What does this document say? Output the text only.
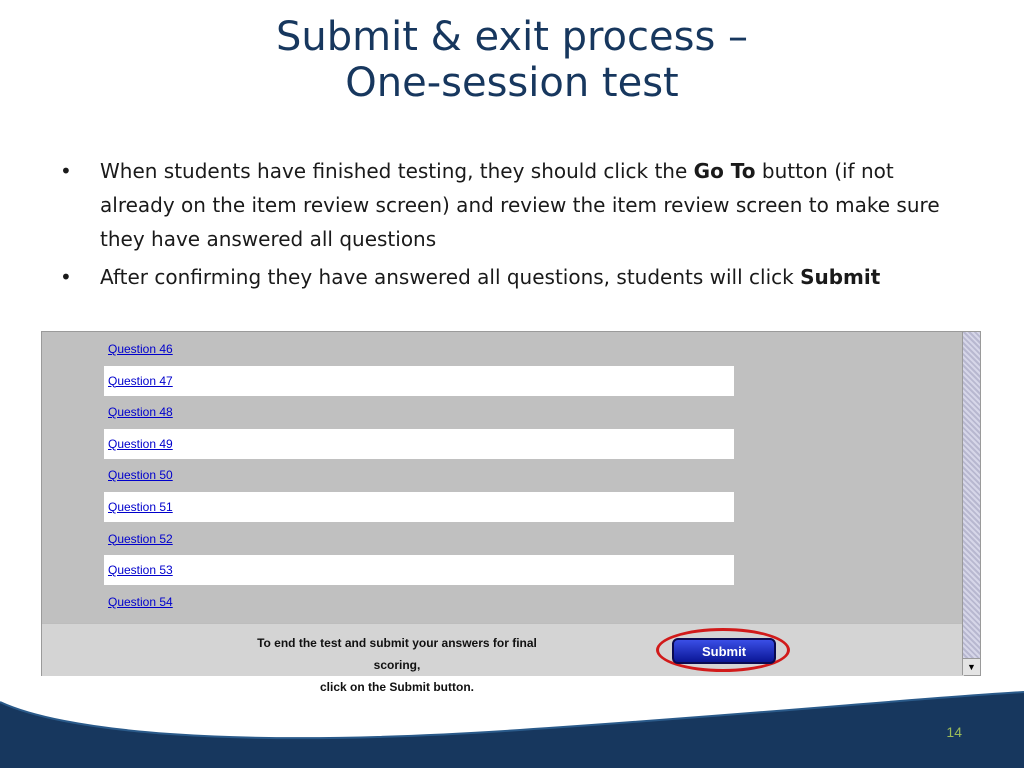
Submit & exit process –
One-session test
• When students have finished testing, they should click the Go To button (if not already on the item review screen) and review the item review screen to make sure they have answered all questions
• After confirming they have answered all questions, students will click Submit
Question 46
Question 47
Question 48
Question 49
Question 50
Question 51
Question 52
Question 53
Question 54
To end the test and submit your answers for final scoring,
click on the Submit button.
Submit
▼
14
